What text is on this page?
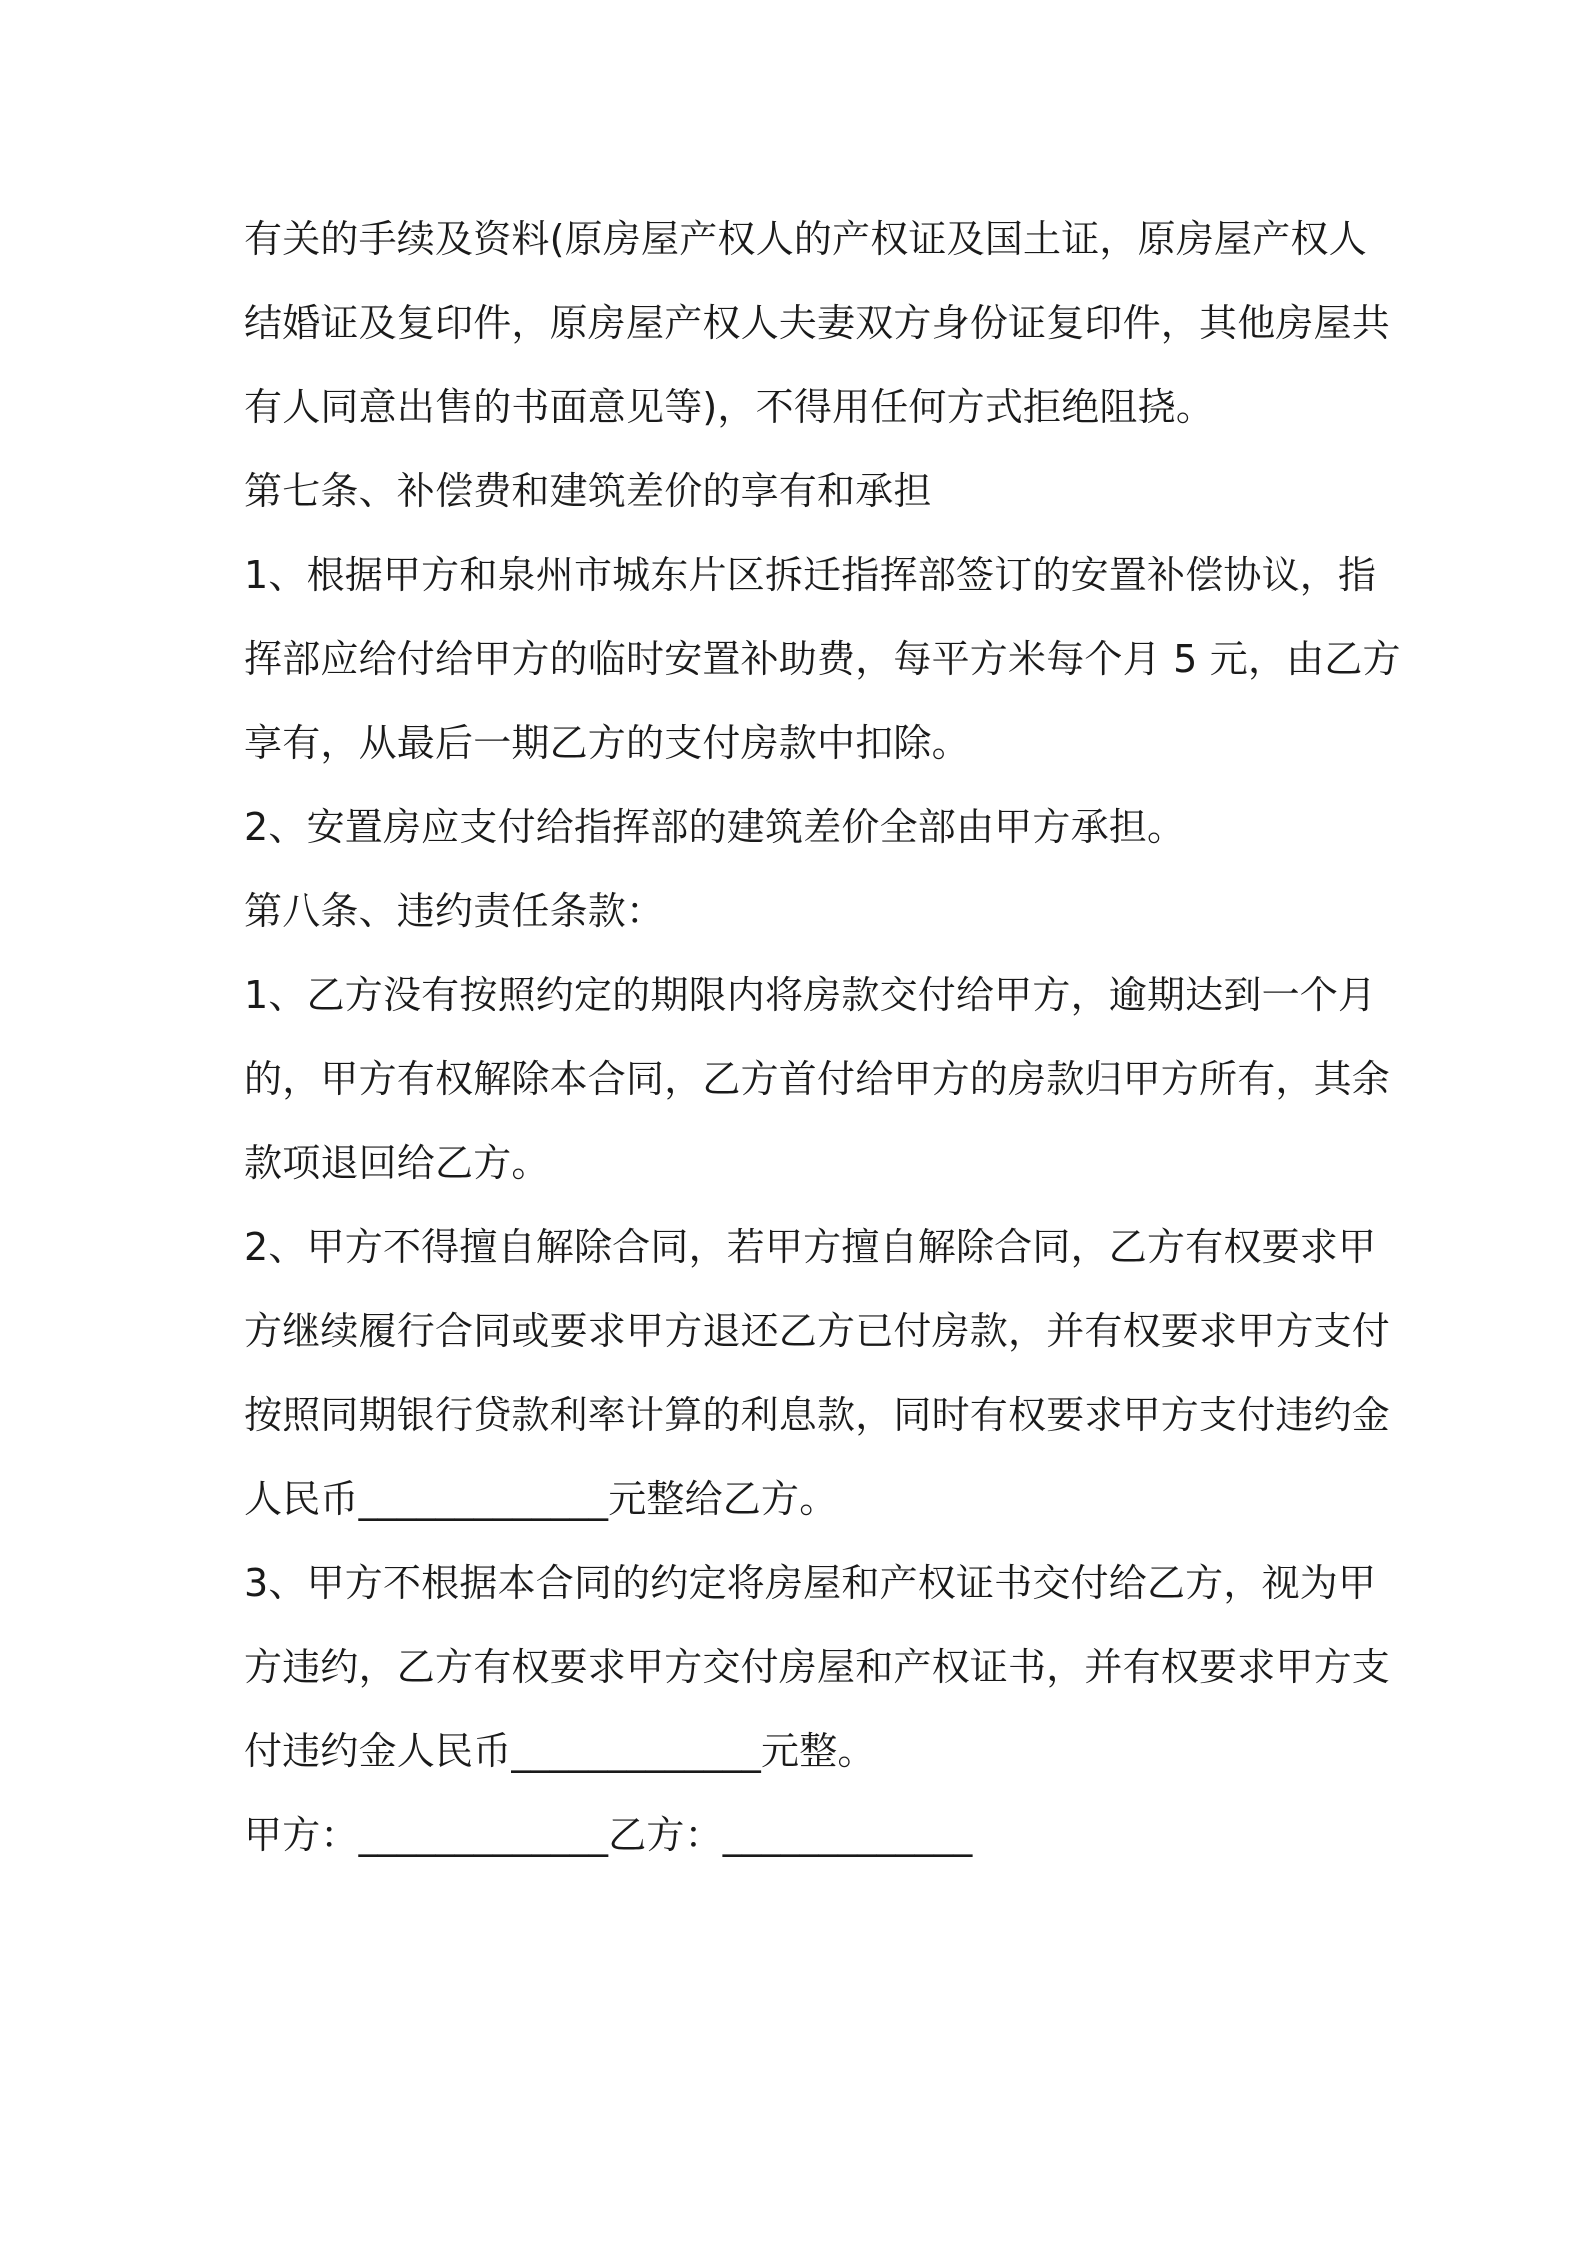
有关的手续及资料(原房屋产权人的产权证及国土证，原房屋产权人
结婚证及复印件，原房屋产权人夫妻双方身份证复印件，其他房屋共
有人同意出售的书面意见等)，不得用任何方式拒绝阻挠。
第七条、补偿费和建筑差价的享有和承担
1、根据甲方和泉州市城东片区拆迁指挥部签订的安置补偿协议，指
挥部应给付给甲方的临时安置补助费，每平方米每个月 5 元，由乙方
享有，从最后一期乙方的支付房款中扣除。
2、安置房应支付给指挥部的建筑差价全部由甲方承担。
第八条、违约责任条款：
1、乙方没有按照约定的期限内将房款交付给甲方，逾期达到一个月
的，甲方有权解除本合同，乙方首付给甲方的房款归甲方所有，其余
款项退回给乙方。
2、甲方不得擅自解除合同，若甲方擅自解除合同，乙方有权要求甲
方继续履行合同或要求甲方退还乙方已付房款，并有权要求甲方支付
按照同期银行贷款利率计算的利息款，同时有权要求甲方支付违约金
人民币_____________元整给乙方。
3、甲方不根据本合同的约定将房屋和产权证书交付给乙方，视为甲
方违约，乙方有权要求甲方交付房屋和产权证书，并有权要求甲方支
付违约金人民币_____________元整。
甲方：_____________乙方：_____________
